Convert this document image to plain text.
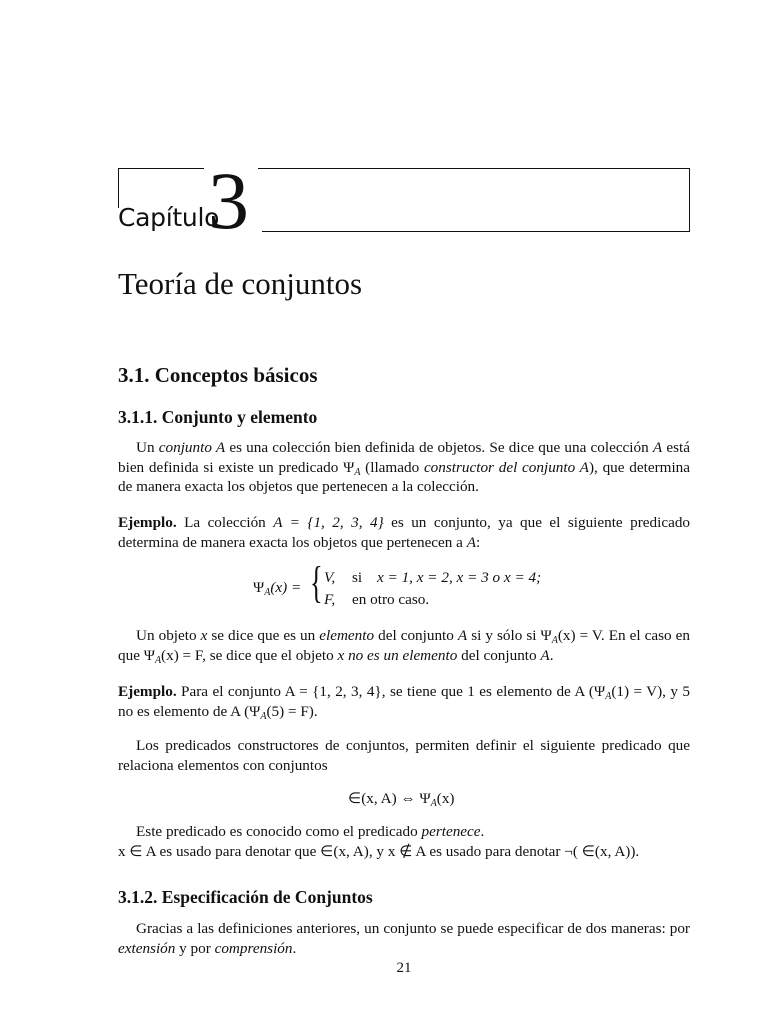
Capítulo
3
Teoría de conjuntos
3.1. Conceptos básicos
3.1.1. Conjunto y elemento
Un conjunto A es una colección bien definida de objetos. Se dice que una colección A está bien definida si existe un predicado $\Psi_A$ (llamado constructor del conjunto A), que determina de manera exacta los objetos que pertenecen a la colección.
Ejemplo. La colección A = {1, 2, 3, 4} es un conjunto, ya que el siguiente predicado determina de manera exacta los objetos que pertenecen a A:
$\Psi_A(x)$ = { V, si x = 1, x = 2, x = 3 o x = 4;
F, en otro caso.
Un objeto x se dice que es un elemento del conjunto A si y sólo si $\Psi_A(x) = V$. En el caso en que $\Psi_A(x) = F$, se dice que el objeto x no es un elemento del conjunto A.
Ejemplo. Para el conjunto A = {1, 2, 3, 4}, se tiene que 1 es elemento de A $(\Psi_A(1) = V)$, y 5 no es elemento de A $(\Psi_A(5) = F)$.
Los predicados constructores de conjuntos, permiten definir el siguiente predicado que relaciona elementos con conjuntos
∈(x, A) ⇔ $\Psi_A(x)$
Este predicado es conocido como el predicado pertenece.
x ∈ A es usado para denotar que ∈(x, A), y x ∉ A es usado para denotar ¬( ∈(x, A)).
3.1.2. Especificación de Conjuntos
Gracias a las definiciones anteriores, un conjunto se puede especificar de dos maneras: por extensión y por comprensión.
21
